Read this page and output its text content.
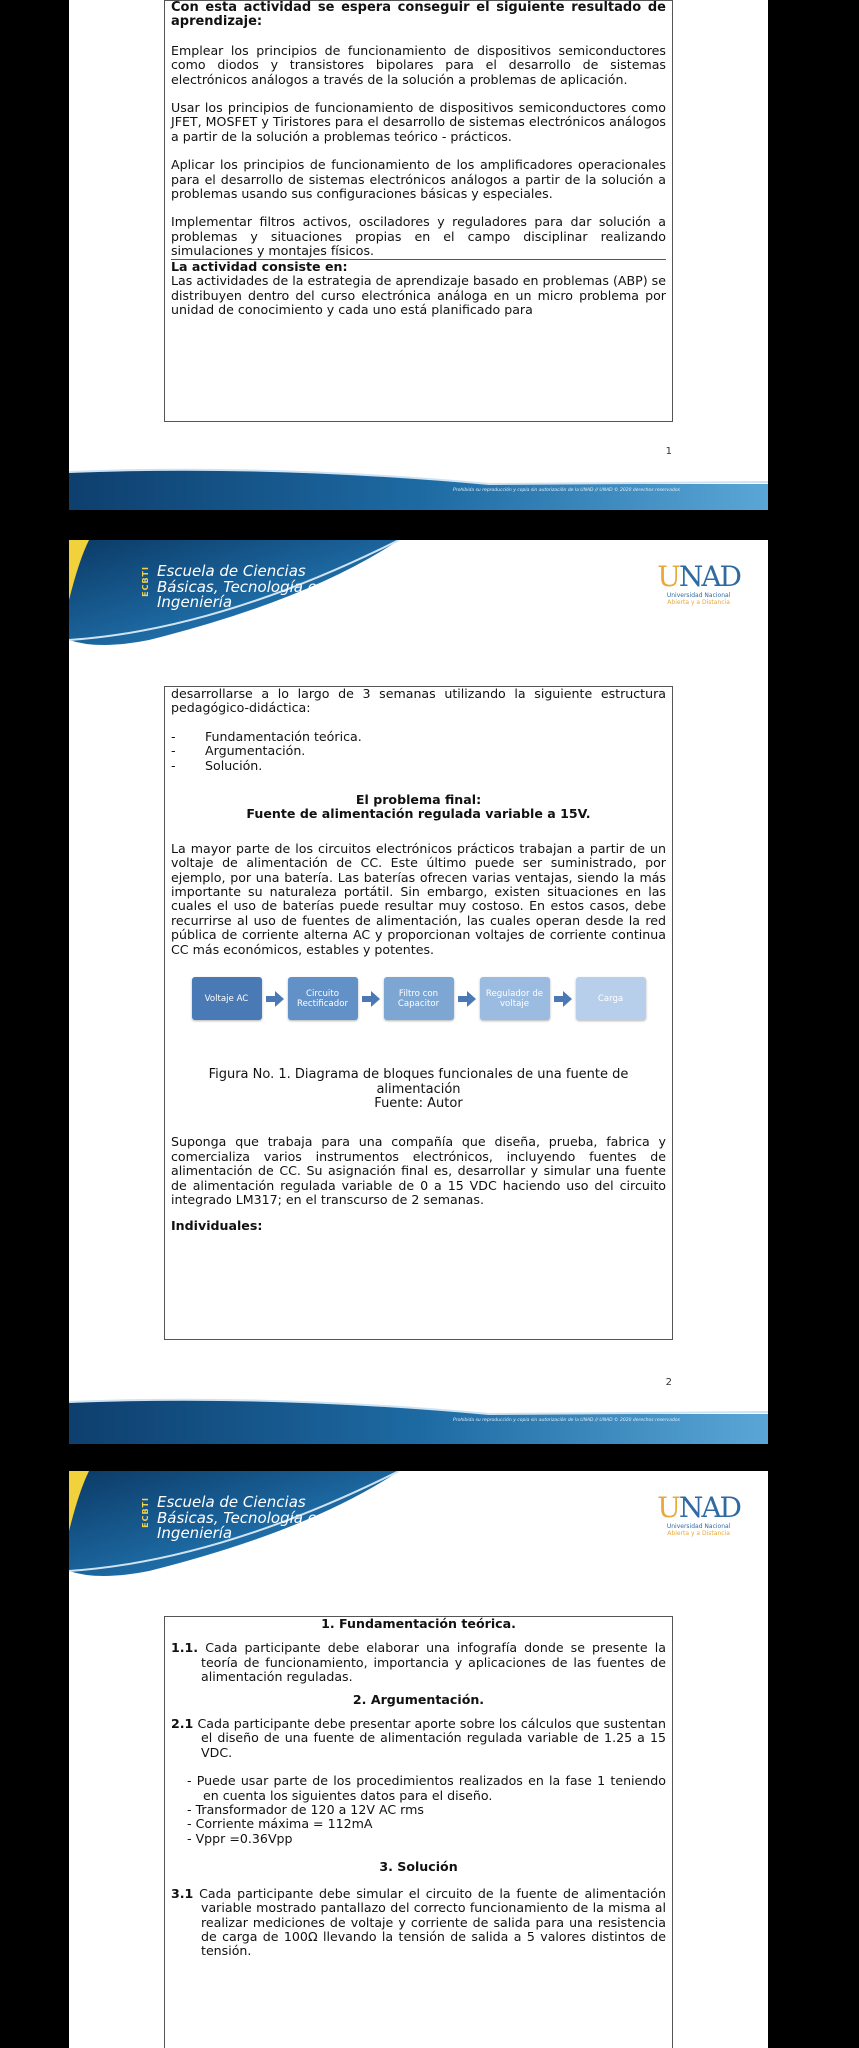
Con esta actividad se espera conseguir el siguiente resultado de aprendizaje:

Emplear los principios de funcionamiento de dispositivos semiconductores como diodos y transistores bipolares para el desarrollo de sistemas electrónicos análogos a través de la solución a problemas de aplicación.

Usar los principios de funcionamiento de dispositivos semiconductores como JFET, MOSFET y Tiristores para el desarrollo de sistemas electrónicos análogos a partir de la solución a problemas teórico - prácticos.

Aplicar los principios de funcionamiento de los amplificadores operacionales para el desarrollo de sistemas electrónicos análogos a partir de la solución a problemas usando sus configuraciones básicas y especiales.

Implementar filtros activos, osciladores y reguladores para dar solución a problemas y situaciones propias en el campo disciplinar realizando simulaciones y montajes físicos.

La actividad consiste en:

Las actividades de la estrategia de aprendizaje basado en problemas (ABP) se distribuyen dentro del curso electrónica análoga en un micro problema por unidad de conocimiento y cada uno está planificado para

1
Prohibida su reproducción y copia sin autorización de la UNAD // UNAD © 2020 derechos reservados
ECBTI Escuela de Ciencias
Básicas, Tecnología e
Ingeniería
UNAD
Universidad Nacional
Abierta y a Distancia

desarrollarse a lo largo de 3 semanas utilizando la siguiente estructura pedagógico-didáctica:

-	Fundamentación teórica.
-	Argumentación.
-	Solución.

El problema final:

Fuente de alimentación regulada variable a 15V.

La mayor parte de los circuitos electrónicos prácticos trabajan a partir de un voltaje de alimentación de CC. Este último puede ser suministrado, por ejemplo, por una batería. Las baterías ofrecen varias ventajas, siendo la más importante su naturaleza portátil. Sin embargo, existen situaciones en las cuales el uso de baterías puede resultar muy costoso. En estos casos, debe recurrirse al uso de fuentes de alimentación, las cuales operan desde la red pública de corriente alterna AC y proporcionan voltajes de corriente continua CC más económicos, estables y potentes.

Voltaje AC	Circuito Rectificador
Filtro con Capacitor
Regulador de voltaje	Carga

Figura No. 1. Diagrama de bloques funcionales de una fuente de alimentación

Fuente: Autor

Suponga que trabaja para una compañía que diseña, prueba, fabrica y comercializa varios instrumentos electrónicos, incluyendo fuentes de alimentación de CC. Su asignación final es, desarrollar y simular una fuente de alimentación regulada variable de 0 a 15 VDC haciendo uso del circuito integrado LM317; en el transcurso de 2 semanas.

Individuales:

2
Prohibida su reproducción y copia sin autorización de la UNAD // UNAD © 2020 derechos reservados
ECBTI Escuela de Ciencias
Básicas, Tecnología e
Ingeniería
UNAD
Universidad Nacional
Abierta y a Distancia

1. Fundamentación teórica.

1.1. Cada participante debe elaborar una infografía donde se presente la teoría de funcionamiento, importancia y aplicaciones de las fuentes de alimentación reguladas.

2. Argumentación.

2.1 Cada participante debe presentar aporte sobre los cálculos que sustentan el diseño de una fuente de alimentación regulada variable de 1.25 a 15 VDC.

- Puede usar parte de los procedimientos realizados en la fase 1 teniendo en cuenta los siguientes datos para el diseño.

- Transformador de 120 a 12V AC rms

- Corriente máxima = 112mA

- Vppr =0.36Vpp

3. Solución

3.1 Cada participante debe simular el circuito de la fuente de alimentación variable mostrado pantallazo del correcto funcionamiento de la misma al realizar mediciones de voltaje y corriente de salida para una resistencia de carga de 100Ω llevando la tensión de salida a 5 valores distintos de tensión.
